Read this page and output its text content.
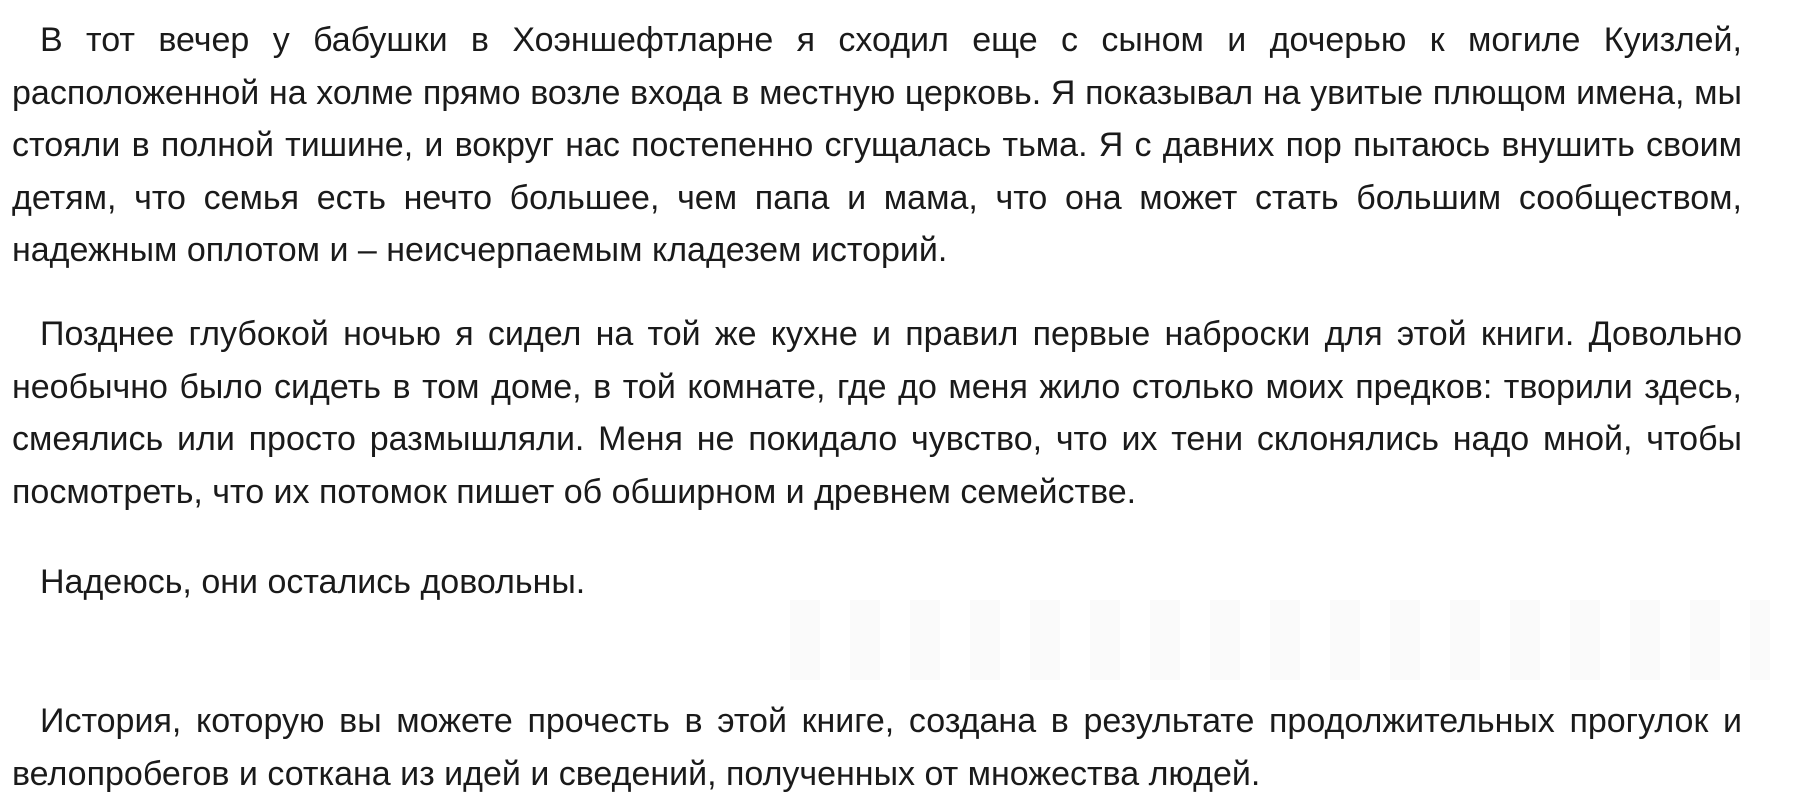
В тот вечер у бабушки в Хоэншефтларне я сходил еще с сыном и дочерью к могиле Куизлей, расположенной на холме прямо возле входа в местную церковь. Я показывал на увитые плющом имена, мы стояли в полной тишине, и вокруг нас постепенно сгущалась тьма. Я с давних пор пытаюсь внушить своим детям, что семья есть нечто большее, чем папа и мама, что она может стать большим сообществом, надежным оплотом и – неисчерпаемым кладезем историй.

Позднее глубокой ночью я сидел на той же кухне и правил первые наброски для этой книги. Довольно необычно было сидеть в том доме, в той комнате, где до меня жило столько моих предков: творили здесь, смеялись или просто размышляли. Меня не покидало чувство, что их тени склонялись надо мной, чтобы посмотреть, что их потомок пишет об обширном и древнем семействе.

Надеюсь, они остались довольны.

История, которую вы можете прочесть в этой книге, создана в результате продолжительных прогулок и велопробегов и соткана из идей и сведений, полученных от множества людей.
